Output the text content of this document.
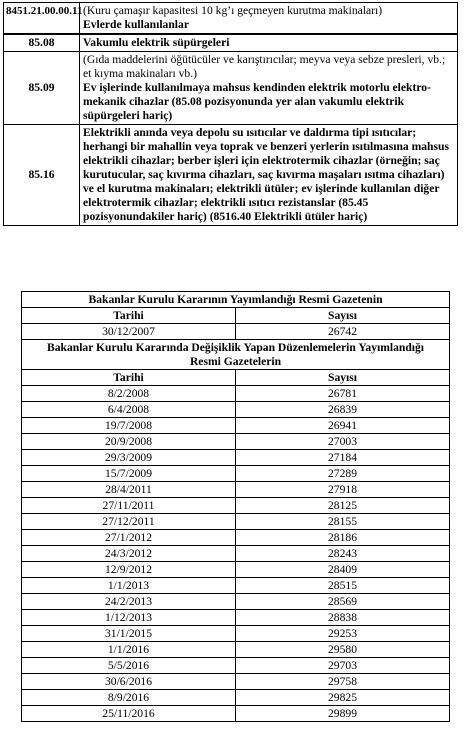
8451.21.00.00.11	(Kuru çamaşır kapasitesi 10 kg’ı geçmeyen kurutma makinaları)
Evlerde kullanılanlar

85.08	Vakumlu elektrik süpürgeleri

85.09	(Gıda maddelerini öğütücüler ve karıştırıcılar; meyva veya sebze presleri, vb.; et kıyma makinaları vb.)
Ev işlerinde kullanılmaya mahsus kendinden elektrik motorlu elektro-mekanik cihazlar (85.08 pozisyonunda yer alan vakumlu elektrik süpürgeleri hariç)

85.16	Elektrikli anında veya depolu su ısıtıcılar ve daldırma tipi ısıtıcılar; herhangi bir mahallin veya toprak ve benzeri yerlerin ısıtılmasına mahsus elektrikli cihazlar; berber işleri için elektrotermik cihazlar (örneğin; saç kurutucular, saç kıvırma cihazları, saç kıvırma maşaları ısıtma cihazları) ve el kurutma makinaları; elektrikli ütüler; ev işlerinde kullanılan diğer elektrotermik cihazlar; elektrikli ısıtıcı rezistanslar (85.45 pozisyonundakiler hariç) (8516.40 Elektrikli ütüler hariç)
Bakanlar Kurulu Kararının Yayımlandığı Resmi Gazetenin	
Tarihi	Sayısı
30/12/2007	26742
Bakanlar Kurulu Kararında Değişiklik Yapan Düzenlemelerin Yayımlandığı Resmi Gazetelerin	
Tarihi	Sayısı
8/2/2008	26781
6/4/2008	26839
19/7/2008	26941
20/9/2008	27003
29/3/2009	27184
15/7/2009	27289
28/4/2011	27918
27/11/2011	28125
27/12/2011	28155
27/1/2012	28186
24/3/2012	28243
12/9/2012	28409
1/1/2013	28515
24/2/2013	28569
1/12/2013	28838
31/1/2015	29253
1/1/2016	29580
5/5/2016	29703
30/6/2016	29758
8/9/2016	29825
25/11/2016	29899
